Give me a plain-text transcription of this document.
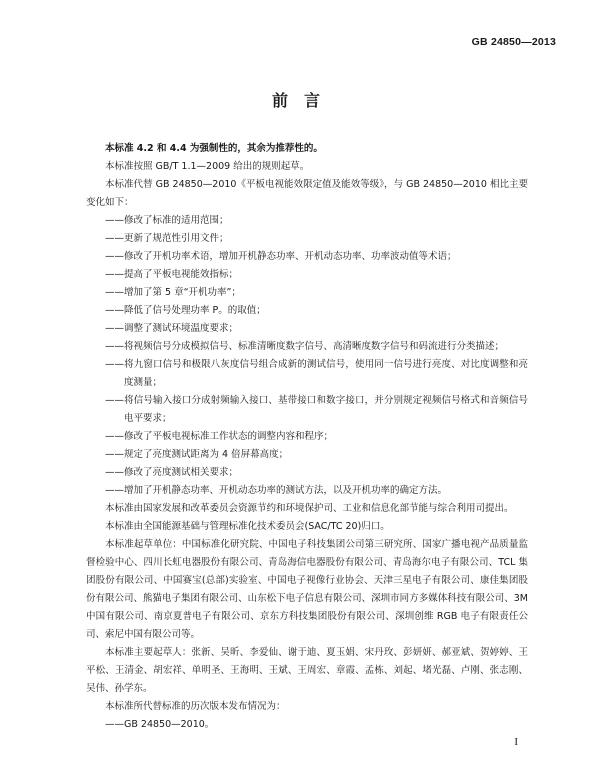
GB 24850—2013
前　言

本标准 4.2 和 4.4 为强制性的，其余为推荐性的。

本标准按照 GB/T 1.1—2009 给出的规则起草。

本标准代替 GB 24850—2010《平板电视能效限定值及能效等级》，与 GB 24850—2010 相比主要变化如下：

——修改了标准的适用范围；

——更新了规范性引用文件；

——修改了开机功率术语，增加开机静态功率、开机动态功率、功率波动值等术语；

——提高了平板电视能效指标；

——增加了第 5 章“开机功率”；

——降低了信号处理功率 P。的取值；

——调整了测试环境温度要求；

——将视频信号分成模拟信号、标准清晰度数字信号、高清晰度数字信号和码流进行分类描述；

——将九窗口信号和极限八灰度信号组合成新的测试信号，使用同一信号进行亮度、对比度调整和亮度测量；

——将信号输入接口分成射频输入接口、基带接口和数字接口，并分别规定视频信号格式和音频信号电平要求；

——修改了平板电视标准工作状态的调整内容和程序；

——规定了亮度测试距离为 4 倍屏幕高度；

——修改了亮度测试相关要求；

——增加了开机静态功率、开机动态功率的测试方法，以及开机功率的确定方法。

本标准由国家发展和改革委员会资源节约和环境保护司、工业和信息化部节能与综合利用司提出。

本标准由全国能源基础与管理标准化技术委员会(SAC/TC 20)归口。

本标准起草单位：中国标准化研究院、中国电子科技集团公司第三研究所、国家广播电视产品质量监督检验中心、四川长虹电器股份有限公司、青岛海信电器股份有限公司、青岛海尔电子有限公司、TCL 集团股份有限公司、中国赛宝(总部)实验室、中国电子视像行业协会、天津三星电子有限公司、康佳集团股份有限公司、熊猫电子集团有限公司、山东松下电子信息有限公司、深圳市同方多媒体科技有限公司、3M 中国有限公司、南京夏普电子有限公司、京东方科技集团股份有限公司、深圳创维 RGB 电子有限责任公司、索尼中国有限公司等。

本标准主要起草人：张新、吴昕、李爱仙、谢于迪、夏玉娟、宋丹玫、彭妍妍、郝亚斌、贺婷婷、王平松、王清金、胡宏祥、单明圣、王海明、王斌、王周宏、章霞、孟栋、刘起、堵光磊、卢刚、张志刚、吴伟、孙学东。

本标准所代替标准的历次版本发布情况为：

——GB 24850—2010。

I
